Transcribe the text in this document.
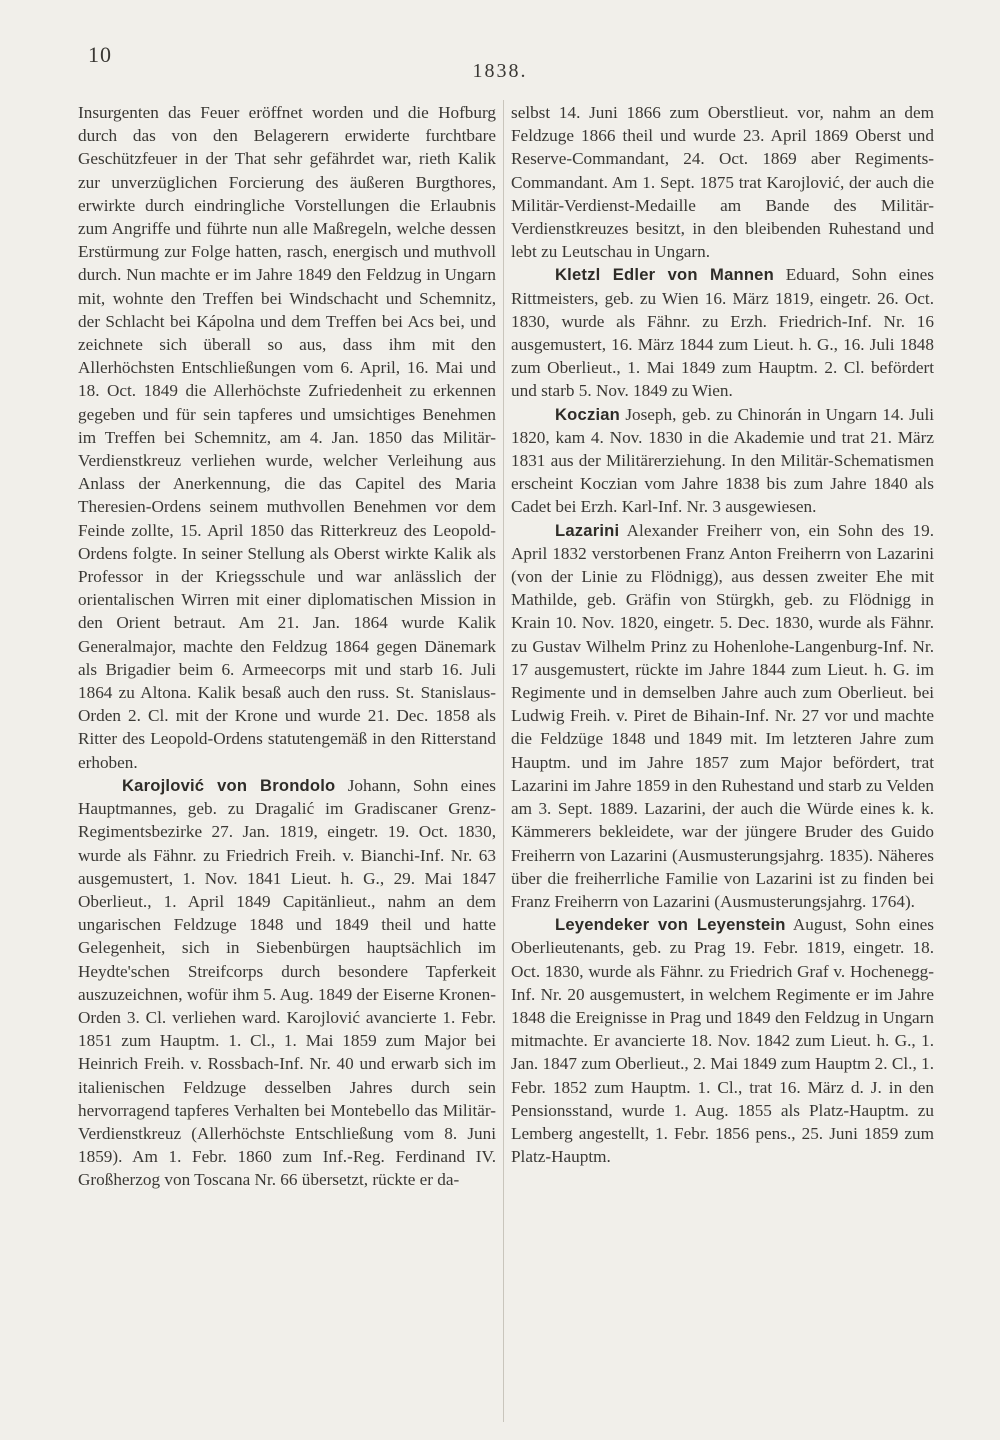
10
1838.

Insurgenten das Feuer eröffnet worden und die Hofburg durch das von den Belagerern erwiderte furchtbare Geschützfeuer in der That sehr gefährdet war, rieth Kalik zur unverzüglichen Forcierung des äußeren Burgthores, erwirkte durch eindringliche Vorstellungen die Erlaubnis zum Angriffe und führte nun alle Maßregeln, welche dessen Erstürmung zur Folge hatten, rasch, energisch und muthvoll durch. Nun machte er im Jahre 1849 den Feldzug in Ungarn mit, wohnte den Treffen bei Windschacht und Schemnitz, der Schlacht bei Kápolna und dem Treffen bei Acs bei, und zeichnete sich überall so aus, dass ihm mit den Allerhöchsten Entschließungen vom 6. April, 16. Mai und 18. Oct. 1849 die Allerhöchste Zufriedenheit zu erkennen gegeben und für sein tapferes und umsichtiges Benehmen im Treffen bei Schemnitz, am 4. Jan. 1850 das Militär-Verdienstkreuz verliehen wurde, welcher Verleihung aus Anlass der Anerkennung, die das Capitel des Maria Theresien-Ordens seinem muthvollen Benehmen vor dem Feinde zollte, 15. April 1850 das Ritterkreuz des Leopold-Ordens folgte. In seiner Stellung als Oberst wirkte Kalik als Professor in der Kriegsschule und war anlässlich der orientalischen Wirren mit einer diplomatischen Mission in den Orient betraut. Am 21. Jan. 1864 wurde Kalik Generalmajor, machte den Feldzug 1864 gegen Dänemark als Brigadier beim 6. Armeecorps mit und starb 16. Juli 1864 zu Altona. Kalik besaß auch den russ. St. Stanislaus-Orden 2. Cl. mit der Krone und wurde 21. Dec. 1858 als Ritter des Leopold-Ordens statutengemäß in den Ritterstand erhoben.

Karojlović von Brondolo Johann, Sohn eines Hauptmannes, geb. zu Dragalić im Gradiscaner Grenz-Regimentsbezirke 27. Jan. 1819, eingetr. 19. Oct. 1830, wurde als Fähnr. zu Friedrich Freih. v. Bianchi-Inf. Nr. 63 ausgemustert, 1. Nov. 1841 Lieut. h. G., 29. Mai 1847 Oberlieut., 1. April 1849 Capitänlieut., nahm an dem ungarischen Feldzuge 1848 und 1849 theil und hatte Gelegenheit, sich in Siebenbürgen hauptsächlich im Heydte'schen Streifcorps durch besondere Tapferkeit auszuzeichnen, wofür ihm 5. Aug. 1849 der Eiserne Kronen-Orden 3. Cl. verliehen ward. Karojlović avancierte 1. Febr. 1851 zum Hauptm. 1. Cl., 1. Mai 1859 zum Major bei Heinrich Freih. v. Rossbach-Inf. Nr. 40 und erwarb sich im italienischen Feldzuge desselben Jahres durch sein hervorragend tapferes Verhalten bei Montebello das Militär-Verdienstkreuz (Allerhöchste Entschließung vom 8. Juni 1859). Am 1. Febr. 1860 zum Inf.-Reg. Ferdinand IV. Großherzog von Toscana Nr. 66 übersetzt, rückte er da-

selbst 14. Juni 1866 zum Oberstlieut. vor, nahm an dem Feldzuge 1866 theil und wurde 23. April 1869 Oberst und Reserve-Commandant, 24. Oct. 1869 aber Regiments-Commandant. Am 1. Sept. 1875 trat Karojlović, der auch die Militär-Verdienst-Medaille am Bande des Militär-Verdienstkreuzes besitzt, in den bleibenden Ruhestand und lebt zu Leutschau in Ungarn.

Kletzl Edler von Mannen Eduard, Sohn eines Rittmeisters, geb. zu Wien 16. März 1819, eingetr. 26. Oct. 1830, wurde als Fähnr. zu Erzh. Friedrich-Inf. Nr. 16 ausgemustert, 16. März 1844 zum Lieut. h. G., 16. Juli 1848 zum Oberlieut., 1. Mai 1849 zum Hauptm. 2. Cl. befördert und starb 5. Nov. 1849 zu Wien.

Koczian Joseph, geb. zu Chinorán in Ungarn 14. Juli 1820, kam 4. Nov. 1830 in die Akademie und trat 21. März 1831 aus der Militärerziehung. In den Militär-Schematismen erscheint Koczian vom Jahre 1838 bis zum Jahre 1840 als Cadet bei Erzh. Karl-Inf. Nr. 3 ausgewiesen.

Lazarini Alexander Freiherr von, ein Sohn des 19. April 1832 verstorbenen Franz Anton Freiherrn von Lazarini (von der Linie zu Flödnigg), aus dessen zweiter Ehe mit Mathilde, geb. Gräfin von Stürgkh, geb. zu Flödnigg in Krain 10. Nov. 1820, eingetr. 5. Dec. 1830, wurde als Fähnr. zu Gustav Wilhelm Prinz zu Hohenlohe-Langenburg-Inf. Nr. 17 ausgemustert, rückte im Jahre 1844 zum Lieut. h. G. im Regimente und in demselben Jahre auch zum Oberlieut. bei Ludwig Freih. v. Piret de Bihain-Inf. Nr. 27 vor und machte die Feldzüge 1848 und 1849 mit. Im letzteren Jahre zum Hauptm. und im Jahre 1857 zum Major befördert, trat Lazarini im Jahre 1859 in den Ruhestand und starb zu Velden am 3. Sept. 1889. Lazarini, der auch die Würde eines k. k. Kämmerers bekleidete, war der jüngere Bruder des Guido Freiherrn von Lazarini (Ausmusterungsjahrg. 1835). Näheres über die freiherrliche Familie von Lazarini ist zu finden bei Franz Freiherrn von Lazarini (Ausmusterungsjahrg. 1764).

Leyendeker von Leyenstein August, Sohn eines Oberlieutenants, geb. zu Prag 19. Febr. 1819, eingetr. 18. Oct. 1830, wurde als Fähnr. zu Friedrich Graf v. Hochenegg-Inf. Nr. 20 ausgemustert, in welchem Regimente er im Jahre 1848 die Ereignisse in Prag und 1849 den Feldzug in Ungarn mitmachte. Er avancierte 18. Nov. 1842 zum Lieut. h. G., 1. Jan. 1847 zum Oberlieut., 2. Mai 1849 zum Hauptm 2. Cl., 1. Febr. 1852 zum Hauptm. 1. Cl., trat 16. März d. J. in den Pensionsstand, wurde 1. Aug. 1855 als Platz-Hauptm. zu Lemberg angestellt, 1. Febr. 1856 pens., 25. Juni 1859 zum Platz-Hauptm.
